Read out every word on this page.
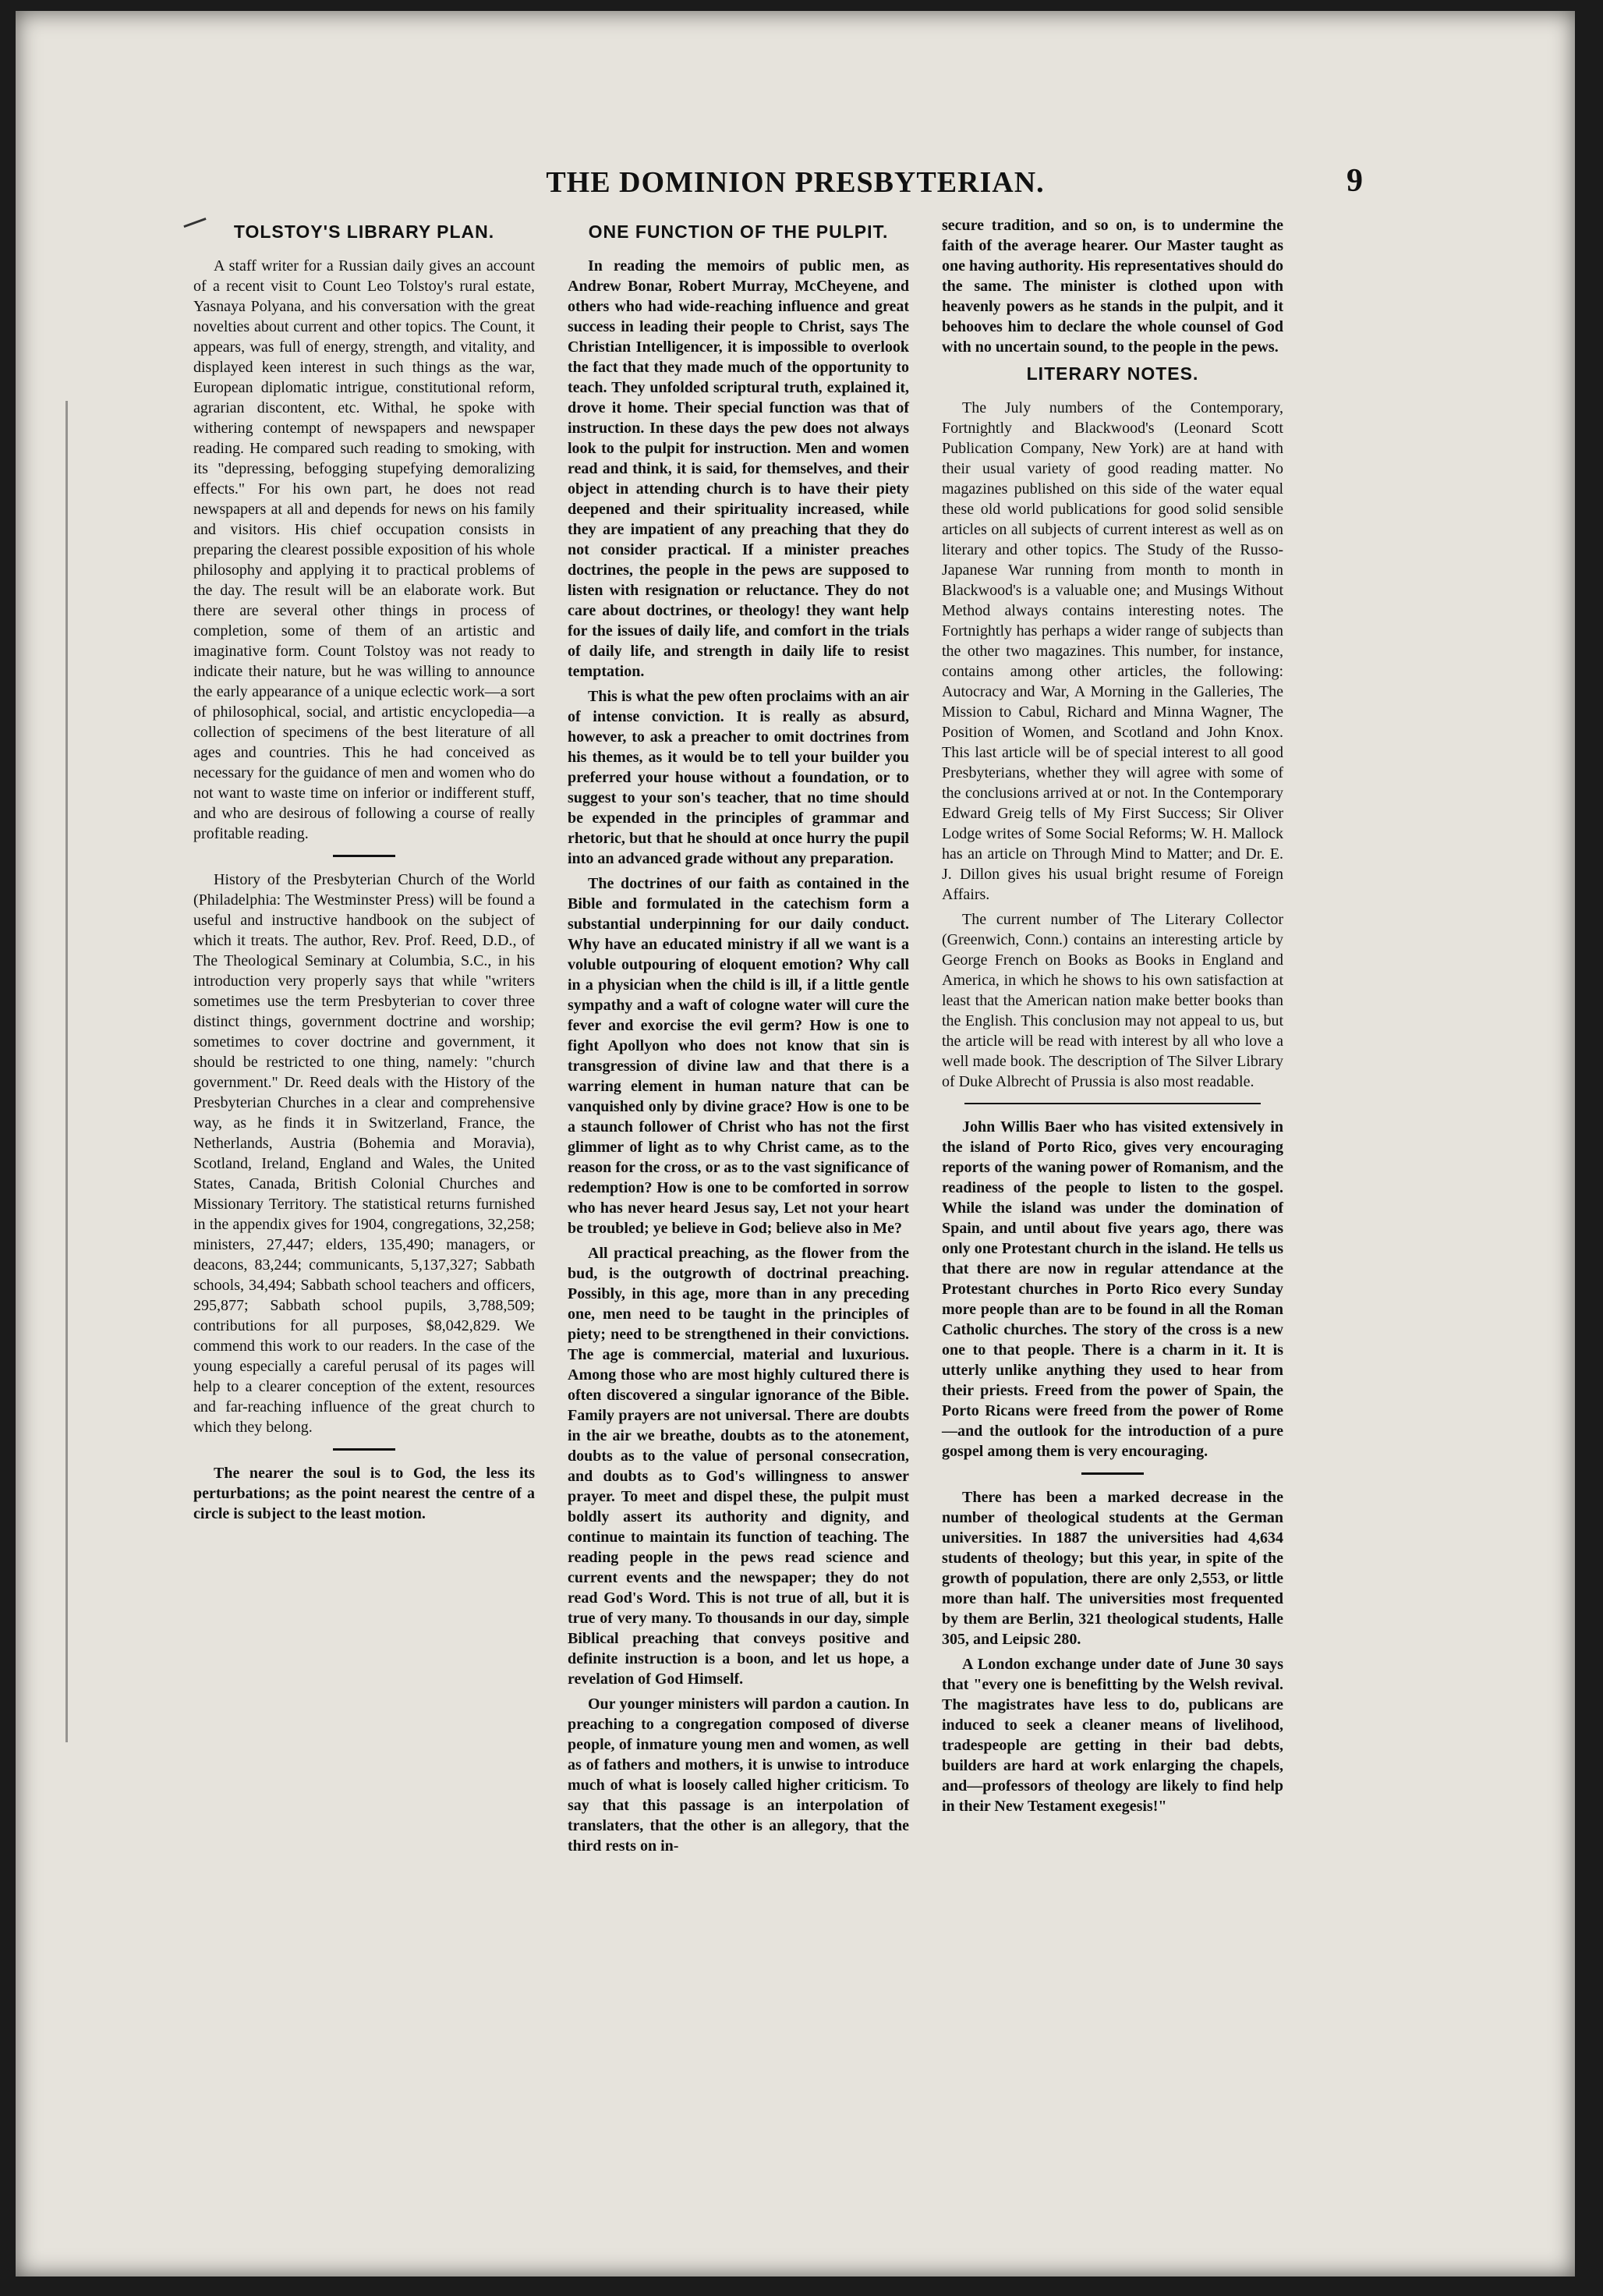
THE DOMINION PRESBYTERIAN.	9
TOLSTOY'S LIBRARY PLAN.

A staff writer for a Russian daily gives an account of a recent visit to Count Leo Tolstoy's rural estate, Yasnaya Polyana, and his conversation with the great novelties about current and other topics. The Count, it appears, was full of energy, strength, and vitality, and displayed keen interest in such things as the war, European diplomatic intrigue, constitutional reform, agrarian discontent, etc. Withal, he spoke with withering contempt of newspapers and newspaper reading. He compared such reading to smoking, with its "depressing, befogging stupefying demoralizing effects." For his own part, he does not read newspapers at all and depends for news on his family and visitors. His chief occupation consists in preparing the clearest possible exposition of his whole philosophy and applying it to practical problems of the day. The result will be an elaborate work. But there are several other things in process of completion, some of them of an artistic and imaginative form. Count Tolstoy was not ready to indicate their nature, but he was willing to announce the early appearance of a unique eclectic work—a sort of philosophical, social, and artistic encyclopedia—a collection of specimens of the best literature of all ages and countries. This he had conceived as necessary for the guidance of men and women who do not want to waste time on inferior or indifferent stuff, and who are desirous of following a course of really profitable reading.

History of the Presbyterian Church of the World (Philadelphia: The Westminster Press) will be found a useful and instructive handbook on the subject of which it treats. The author, Rev. Prof. Reed, D.D., of The Theological Seminary at Columbia, S.C., in his introduction very properly says that while "writers sometimes use the term Presbyterian to cover three distinct things, government doctrine and worship; sometimes to cover doctrine and government, it should be restricted to one thing, namely: "church government." Dr. Reed deals with the History of the Presbyterian Churches in a clear and comprehensive way, as he finds it in Switzerland, France, the Netherlands, Austria (Bohemia and Moravia), Scotland, Ireland, England and Wales, the United States, Canada, British Colonial Churches and Missionary Territory. The statistical returns furnished in the appendix gives for 1904, congregations, 32,258; ministers, 27,447; elders, 135,490; managers, or deacons, 83,244; communicants, 5,137,327; Sabbath schools, 34,494; Sabbath school teachers and officers, 295,877; Sabbath school pupils, 3,788,509; contributions for all purposes, $8,042,829. We commend this work to our readers. In the case of the young especially a careful perusal of its pages will help to a clearer conception of the extent, resources and far-reaching influence of the great church to which they belong.

The nearer the soul is to God, the less its perturbations; as the point nearest the centre of a circle is subject to the least motion.

ONE FUNCTION OF THE PULPIT.

In reading the memoirs of public men, as Andrew Bonar, Robert Murray, McCheyene, and others who had wide-reaching influence and great success in leading their people to Christ, says The Christian Intelligencer, it is impossible to overlook the fact that they made much of the opportunity to teach. They unfolded scriptural truth, explained it, drove it home. Their special function was that of instruction. In these days the pew does not always look to the pulpit for instruction. Men and women read and think, it is said, for themselves, and their object in attending church is to have their piety deepened and their spirituality increased, while they are impatient of any preaching that they do not consider practical. If a minister preaches doctrines, the people in the pews are supposed to listen with resignation or reluctance. They do not care about doctrines, or theology! they want help for the issues of daily life, and comfort in the trials of daily life, and strength in daily life to resist temptation.

This is what the pew often proclaims with an air of intense conviction. It is really as absurd, however, to ask a preacher to omit doctrines from his themes, as it would be to tell your builder you preferred your house without a foundation, or to suggest to your son's teacher, that no time should be expended in the principles of grammar and rhetoric, but that he should at once hurry the pupil into an advanced grade without any preparation.

The doctrines of our faith as contained in the Bible and formulated in the catechism form a substantial underpinning for our daily conduct. Why have an educated ministry if all we want is a voluble outpouring of eloquent emotion? Why call in a physician when the child is ill, if a little gentle sympathy and a waft of cologne water will cure the fever and exorcise the evil germ? How is one to fight Apollyon who does not know that sin is transgression of divine law and that there is a warring element in human nature that can be vanquished only by divine grace? How is one to be a staunch follower of Christ who has not the first glimmer of light as to why Christ came, as to the reason for the cross, or as to the vast significance of redemption? How is one to be comforted in sorrow who has never heard Jesus say, Let not your heart be troubled; ye believe in God; believe also in Me?

All practical preaching, as the flower from the bud, is the outgrowth of doctrinal preaching. Possibly, in this age, more than in any preceding one, men need to be taught in the principles of piety; need to be strengthened in their convictions. The age is commercial, material and luxurious. Among those who are most highly cultured there is often discovered a singular ignorance of the Bible. Family prayers are not universal. There are doubts in the air we breathe, doubts as to the atonement, doubts as to the value of personal consecration, and doubts as to God's willingness to answer prayer. To meet and dispel these, the pulpit must boldly assert its authority and dignity, and continue to maintain its function of teaching. The reading people in the pews read science and current events and the newspaper; they do not read God's Word. This is not true of all, but it is true of very many. To thousands in our day, simple Biblical preaching that conveys positive and definite instruction is a boon, and let us hope, a revelation of God Himself.

Our younger ministers will pardon a caution. In preaching to a congregation composed of diverse people, of inmature young men and women, as well as of fathers and mothers, it is unwise to introduce much of what is loosely called higher criticism. To say that this passage is an interpolation of translaters, that the other is an allegory, that the third rests on in-

secure tradition, and so on, is to undermine the faith of the average hearer. Our Master taught as one having authority. His representatives should do the same. The minister is clothed upon with heavenly powers as he stands in the pulpit, and it behooves him to declare the whole counsel of God with no uncertain sound, to the people in the pews.

LITERARY NOTES.

The July numbers of the Contemporary, Fortnightly and Blackwood's (Leonard Scott Publication Company, New York) are at hand with their usual variety of good reading matter. No magazines published on this side of the water equal these old world publications for good solid sensible articles on all subjects of current interest as well as on literary and other topics. The Study of the Russo-Japanese War running from month to month in Blackwood's is a valuable one; and Musings Without Method always contains interesting notes. The Fortnightly has perhaps a wider range of subjects than the other two magazines. This number, for instance, contains among other articles, the following: Autocracy and War, A Morning in the Galleries, The Mission to Cabul, Richard and Minna Wagner, The Position of Women, and Scotland and John Knox. This last article will be of special interest to all good Presbyterians, whether they will agree with some of the conclusions arrived at or not. In the Contemporary Edward Greig tells of My First Success; Sir Oliver Lodge writes of Some Social Reforms; W. H. Mallock has an article on Through Mind to Matter; and Dr. E. J. Dillon gives his usual bright resume of Foreign Affairs.

The current number of The Literary Collector (Greenwich, Conn.) contains an interesting article by George French on Books as Books in England and America, in which he shows to his own satisfaction at least that the American nation make better books than the English. This conclusion may not appeal to us, but the article will be read with interest by all who love a well made book. The description of The Silver Library of Duke Albrecht of Prussia is also most readable.

John Willis Baer who has visited extensively in the island of Porto Rico, gives very encouraging reports of the waning power of Romanism, and the readiness of the people to listen to the gospel. While the island was under the domination of Spain, and until about five years ago, there was only one Protestant church in the island. He tells us that there are now in regular attendance at the Protestant churches in Porto Rico every Sunday more people than are to be found in all the Roman Catholic churches. The story of the cross is a new one to that people. There is a charm in it. It is utterly unlike anything they used to hear from their priests. Freed from the power of Spain, the Porto Ricans were freed from the power of Rome—and the outlook for the introduction of a pure gospel among them is very encouraging.

There has been a marked decrease in the number of theological students at the German universities. In 1887 the universities had 4,634 students of theology; but this year, in spite of the growth of population, there are only 2,553, or little more than half. The universities most frequented by them are Berlin, 321 theological students, Halle 305, and Leipsic 280.

A London exchange under date of June 30 says that "every one is benefitting by the Welsh revival. The magistrates have less to do, publicans are induced to seek a cleaner means of livelihood, tradespeople are getting in their bad debts, builders are hard at work enlarging the chapels, and—professors of theology are likely to find help in their New Testament exegesis!"
